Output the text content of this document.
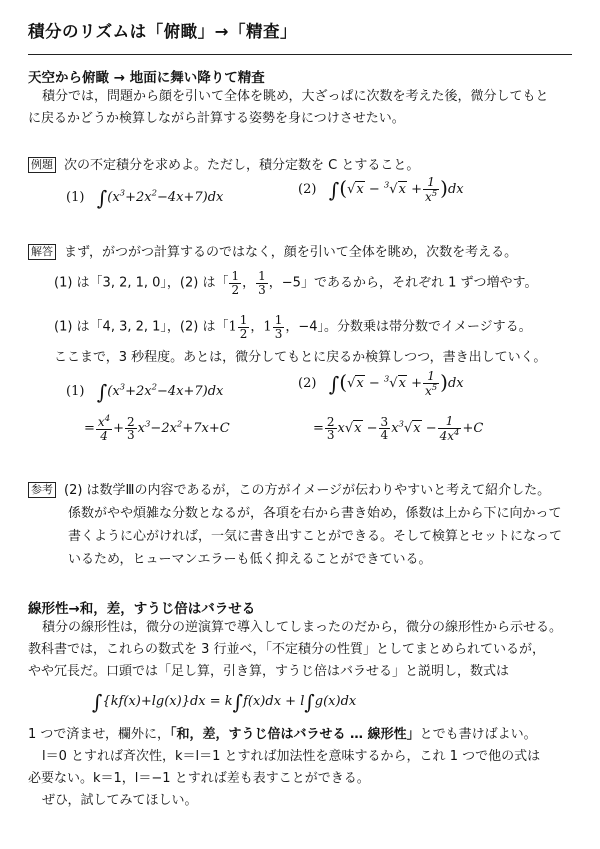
積分のリズムは「俯瞰」→「精査」
天空から俯瞰 → 地面に舞い降りて精査
積分では，問題から顔を引いて全体を眺め，大ざっぱに次数を考えた後，微分してもと
に戻るかどうか検算しながら計算する姿勢を身につけさせたい。
例題 次の不定積分を求めよ。ただし，積分定数を C とすること。
(1) $\int(x^3+2x^2-4x+7)dx$
(2) $\int(√x - ^3√x + \frac{1}{x^5} )dx$
解答 まず，がつがつ計算するのではなく，顔を引いて全体を眺め，次数を考える。
(1) は「3, 2, 1, 0」，(2) は「 $\frac{1}{2}$ ， $\frac{1}{3}$ ，−5」であるから，それぞれ 1 ずつ増やす。
(1) は「4, 3, 2, 1」，(2) は「$1 \frac{1}{2}$ ，$1 \frac{1}{3}$ ，−4」。分数乗は帯分数でイメージする。
ここまで，3 秒程度。あとは，微分してもとに戻るか検算しつつ，書き出していく。
(1) $\int(x^3+2x^2-4x+7)dx$
(2) $\int(√x - ^3√x + \frac{1}{x^5} )dx$
= $\frac{x^4}{4} + \frac{2}{3} x^3-2x^2+7x+C$	= $\frac{2}{3} x√x - \frac{3}{4} x^3√x - \frac{1}{4x^4} +C$
参考 (2) は数学Ⅲの内容であるが，この方がイメージが伝わりやすいと考えて紹介した。
係数がやや煩雑な分数となるが，各項を右から書き始め，係数は上から下に向かって
書くように心がければ，一気に書き出すことができる。そして検算とセットになって
いるため，ヒューマンエラーも低く抑えることができている。
線形性→和，差，すうじ倍はバラせる
積分の線形性は，微分の逆演算で導入してしまったのだから，微分の線形性から示せる。
教科書では，これらの数式を 3 行並べ，「不定積分の性質」としてまとめられているが，
やや冗長だ。口頭では「足し算，引き算，すうじ倍はバラせる」と説明し，数式は
∫{kf(x)+lg(x)}dx = k∫f(x)dx + l∫g(x)dx
1 つで済ませ，欄外に，「和，差，すうじ倍はバラせる … 線形性」とでも書けばよい。
l＝0 とすれば斉次性，k＝l＝1 とすれば加法性を意味するから，これ 1 つで他の式は
必要ない。k＝1，l＝−1 とすれば差も表すことができる。
ぜひ，試してみてほしい。
